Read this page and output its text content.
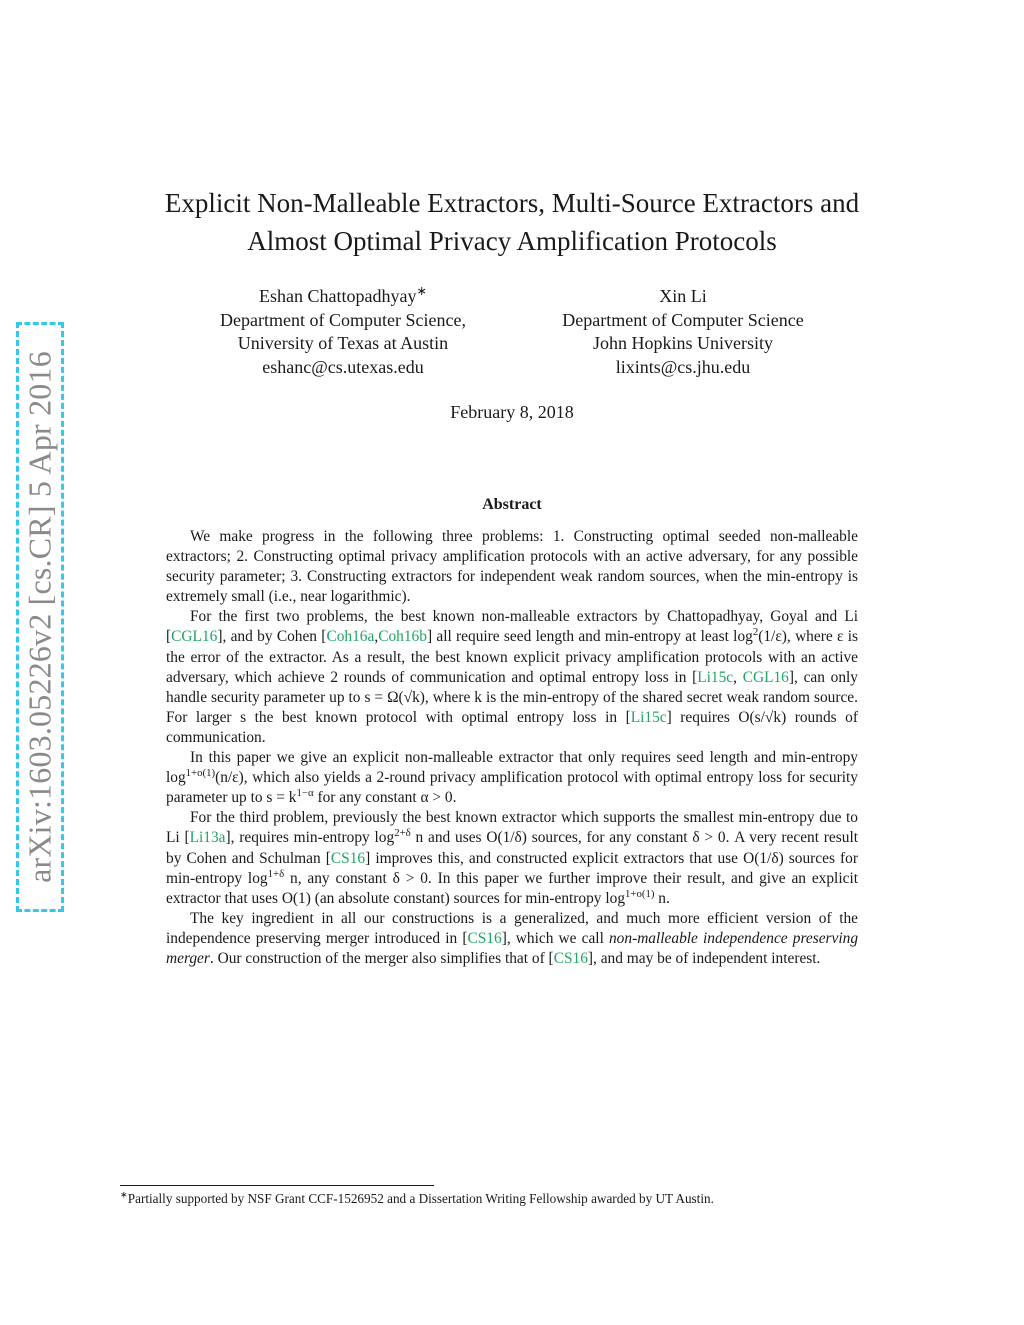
arXiv:1603.05226v2 [cs.CR] 5 Apr 2016
Explicit Non-Malleable Extractors, Multi-Source Extractors and
Almost Optimal Privacy Amplification Protocols
Eshan Chattopadhyay∗
Department of Computer Science,
University of Texas at Austin
eshanc@cs.utexas.edu
Xin Li
Department of Computer Science
John Hopkins University
lixints@cs.jhu.edu
February 8, 2018
Abstract

We make progress in the following three problems: 1. Constructing optimal seeded non-malleable extractors; 2. Constructing optimal privacy amplification protocols with an active adversary, for any possible security parameter; 3. Constructing extractors for independent weak random sources, when the min-entropy is extremely small (i.e., near logarithmic).

For the first two problems, the best known non-malleable extractors by Chattopadhyay, Goyal and Li [CGL16], and by Cohen [Coh16a,Coh16b] all require seed length and min-entropy at least $\log^2(1/\varepsilon)$, where ε is the error of the extractor. As a result, the best known explicit privacy amplification protocols with an active adversary, which achieve 2 rounds of communication and optimal entropy loss in [Li15c, CGL16], can only handle security parameter up to s = Ω(√k), where k is the min-entropy of the shared secret weak random source. For larger s the best known protocol with optimal entropy loss in [Li15c] requires O(s/√k) rounds of communication.

In this paper we give an explicit non-malleable extractor that only requires seed length and min-entropy $\log^{1+o(1)}(n/\varepsilon)$, which also yields a 2-round privacy amplification protocol with optimal entropy loss for security parameter up to $s = k^{1-\alpha}$ for any constant α > 0.

For the third problem, previously the best known extractor which supports the smallest min-entropy due to Li [Li13a], requires min-entropy $\log^{2+\delta} n$ and uses O(1/δ) sources, for any constant δ > 0. A very recent result by Cohen and Schulman [CS16] improves this, and constructed explicit extractors that use O(1/δ) sources for min-entropy $\log^{1+\delta} n$, any constant δ > 0. In this paper we further improve their result, and give an explicit extractor that uses O(1) (an absolute constant) sources for min-entropy $\log^{1+o(1)} n$.

The key ingredient in all our constructions is a generalized, and much more efficient version of the independence preserving merger introduced in [CS16], which we call non-malleable independence preserving merger. Our construction of the merger also simplifies that of [CS16], and may be of independent interest.

∗Partially supported by NSF Grant CCF-1526952 and a Dissertation Writing Fellowship awarded by UT Austin.
